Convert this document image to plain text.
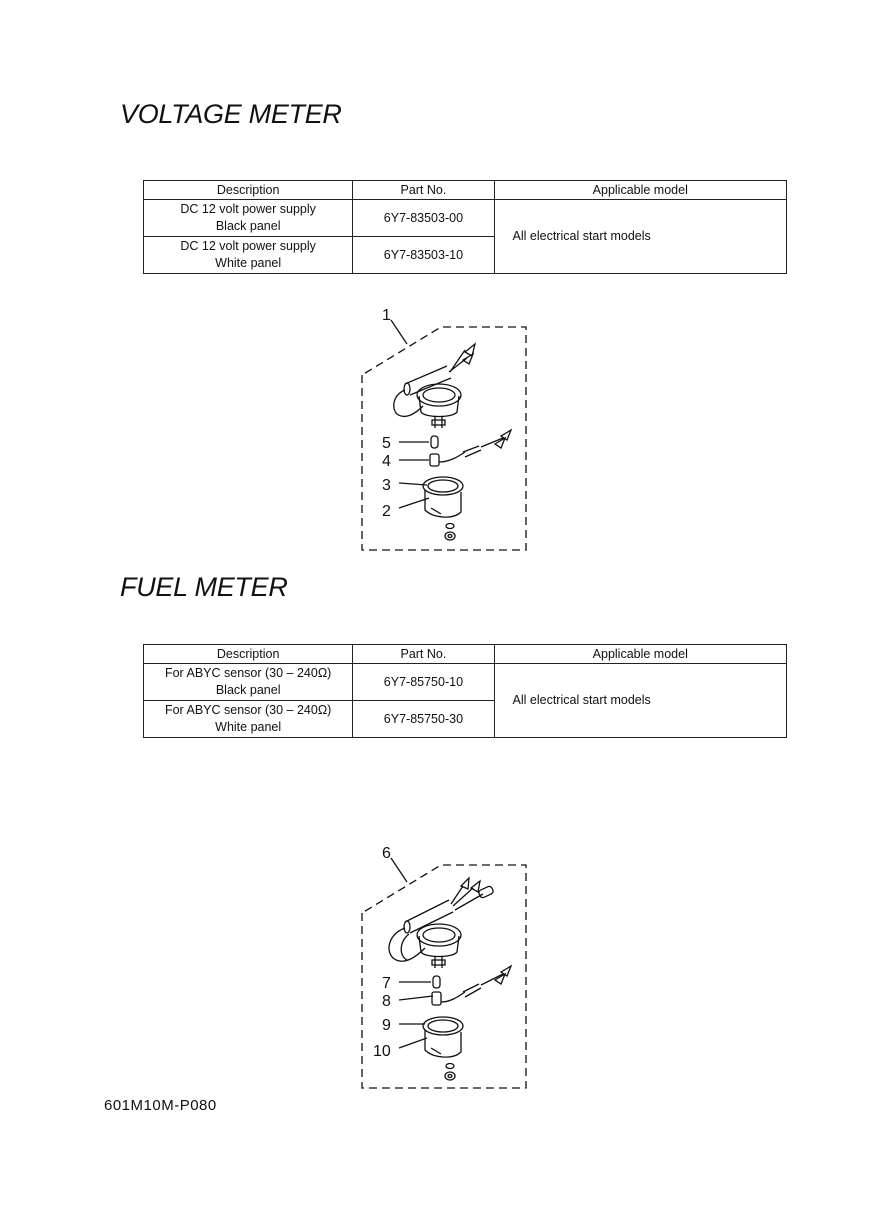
VOLTAGE METER
Description	Part No.	Applicable model
DC 12 volt power supply
Black panel	6Y7-83503-00	All electrical start models
DC 12 volt power supply
White panel	6Y7-83503-10	
1
5
4
3
2
FUEL METER
Description	Part No.	Applicable model
For ABYC sensor (30 – 240Ω)
Black panel	6Y7-85750-10	All electrical start models
For ABYC sensor (30 – 240Ω)
White panel	6Y7-85750-30	
6
7
8
9
10
601M10M-P080
